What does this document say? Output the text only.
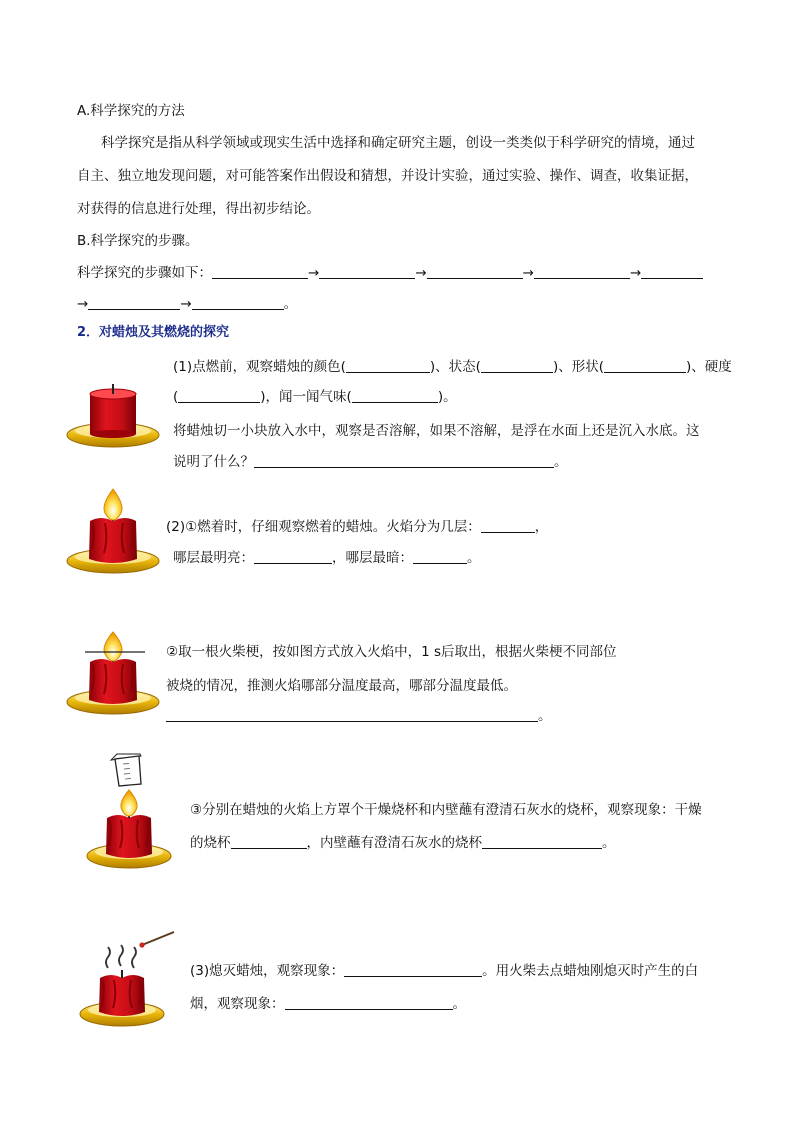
A.科学探究的方法
科学探究是指从科学领域或现实生活中选择和确定研究主题，创设一类类似于科学研究的情境，通过
自主、独立地发现问题，对可能答案作出假设和猜想，并设计实验，通过实验、操作、调查，收集证据，
对获得的信息进行处理，得出初步结论。
B.科学探究的步骤。
科学探究的步骤如下：	→	→	→	→
→	→	。
2．对蜡烛及其燃烧的探究
(1)点燃前，观察蜡烛的颜色(	)、状态(	)、形状(	)、硬度
(	)，闻一闻气味(	)。
将蜡烛切一小块放入水中，观察是否溶解，如果不溶解，是浮在水面上还是沉入水底。这
说明了什么？	。
(2)①燃着时，仔细观察燃着的蜡烛。火焰分为几层：	，
哪层最明亮：	，哪层最暗：	。
②取一根火柴梗，按如图方式放入火焰中，1 s后取出，根据火柴梗不同部位
被烧的情况，推测火焰哪部分温度最高，哪部分温度最低。
。
③分别在蜡烛的火焰上方罩个干燥烧杯和内壁蘸有澄清石灰水的烧杯，观察现象：干燥
的烧杯	，内壁蘸有澄清石灰水的烧杯	。
(3)熄灭蜡烛，观察现象：	。用火柴去点蜡烛刚熄灭时产生的白
烟，观察现象：	。
